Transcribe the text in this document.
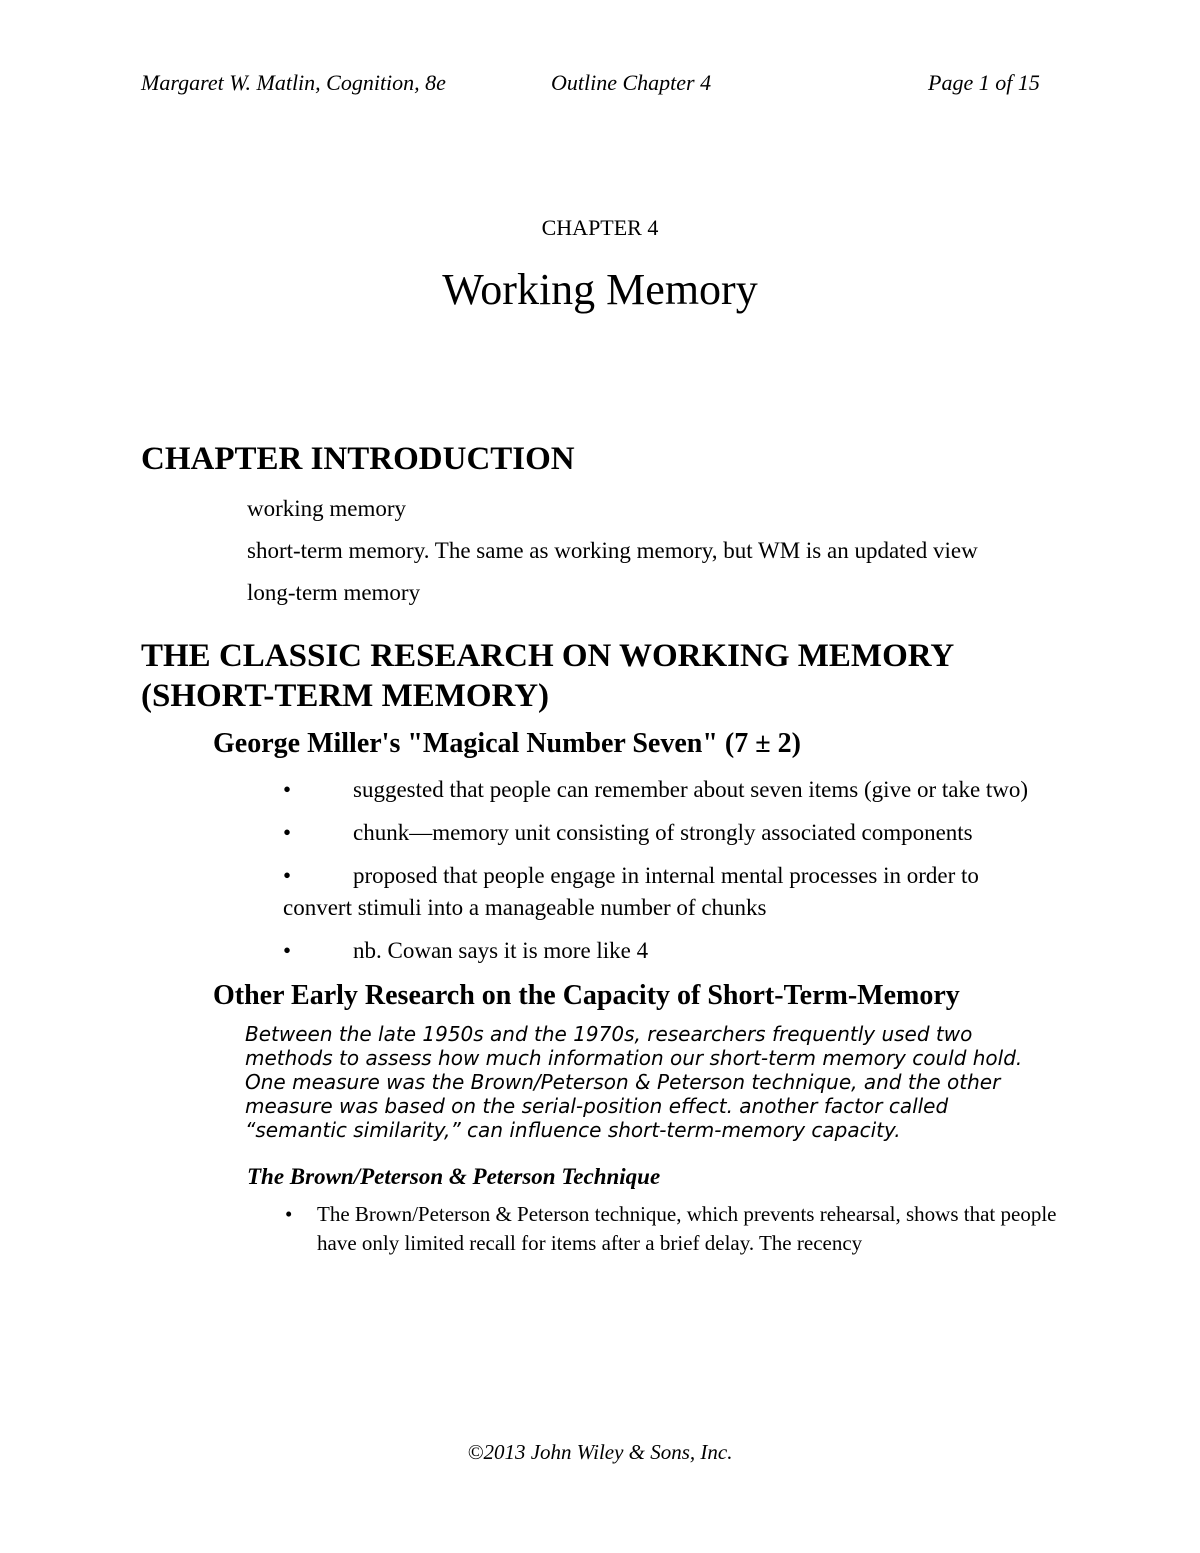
Margaret W. Matlin, Cognition, 8e	Outline Chapter 4	Page 1 of 15
CHAPTER 4
Working Memory
CHAPTER INTRODUCTION
working memory
short-term memory. The same as working memory, but WM is an updated view
long-term memory
THE CLASSIC RESEARCH ON WORKING MEMORY (SHORT-TERM MEMORY)
George Miller's "Magical Number Seven" (7 ± 2)
•	suggested that people can remember about seven items (give or take two)
•	chunk—memory unit consisting of strongly associated components
•	proposed that people engage in internal mental processes in order to convert stimuli into a manageable number of chunks
•	nb. Cowan says it is more like 4
Other Early Research on the Capacity of Short-Term-Memory
Between the late 1950s and the 1970s, researchers frequently used two methods to assess how much information our short-term memory could hold. One measure was the Brown/Peterson & Peterson technique, and the other measure was based on the serial-position effect. another factor called “semantic similarity,” can influence short-term-memory capacity.
The Brown/Peterson & Peterson Technique
• The Brown/Peterson & Peterson technique, which prevents rehearsal, shows that people have only limited recall for items after a brief delay. The recency
©2013 John Wiley & Sons, Inc.
